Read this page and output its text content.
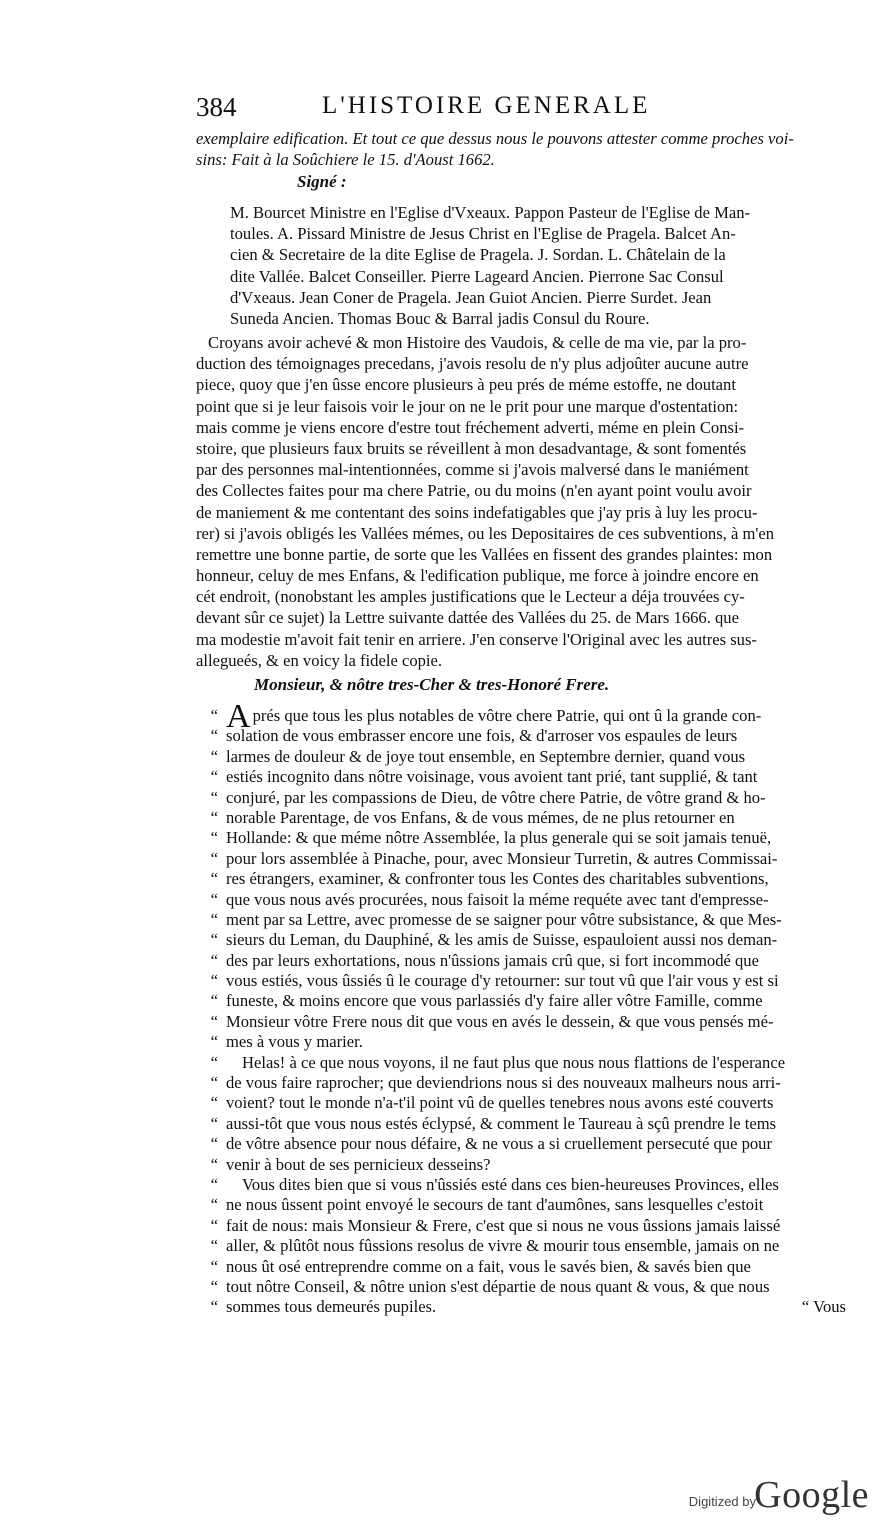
384	L'HISTOIRE GENERALE
exemplaire edification. Et tout ce que dessus nous le pouvons attester comme proches voi-
sins: Fait à la Soûchiere le 15. d'Aoust 1662.
Signé :
M. Bourcet Ministre en l'Eglise d'Vxeaux. Pappon Pasteur de l'Eglise de Man-
toules. A. Pissard Ministre de Jesus Christ en l'Eglise de Pragela. Balcet An-
cien & Secretaire de la dite Eglise de Pragela. J. Sordan. L. Châtelain de la
dite Vallée. Balcet Conseiller. Pierre Lageard Ancien. Pierrone Sac Consul
d'Vxeaus. Jean Coner de Pragela. Jean Guiot Ancien. Pierre Surdet. Jean
Suneda Ancien. Thomas Bouc & Barral jadis Consul du Roure.
Croyans avoir achevé & mon Histoire des Vaudois, & celle de ma vie, par la pro-
duction des témoignages precedans, j'avois resolu de n'y plus adjoûter aucune autre
piece, quoy que j'en ûsse encore plusieurs à peu prés de méme estoffe, ne doutant
point que si je leur faisois voir le jour on ne le prit pour une marque d'ostentation:
mais comme je viens encore d'estre tout fréchement adverti, méme en plein Consi-
stoire, que plusieurs faux bruits se réveillent à mon desadvantage, & sont fomentés
par des personnes mal-intentionnées, comme si j'avois malversé dans le maniément
des Collectes faites pour ma chere Patrie, ou du moins (n'en ayant point voulu avoir
de maniement & me contentant des soins indefatigables que j'ay pris à luy les procu-
rer) si j'avois obligés les Vallées mémes, ou les Depositaires de ces subventions, à m'en
remettre une bonne partie, de sorte que les Vallées en fissent des grandes plaintes: mon
honneur, celuy de mes Enfans, & l'edification publique, me force à joindre encore en
cét endroit, (nonobstant les amples justifications que le Lecteur a déja trouvées cy-
devant sûr ce sujet) la Lettre suivante dattée des Vallées du 25. de Mars 1666. que
ma modestie m'avoit fait tenir en arriere. J'en conserve l'Original avec les autres sus-
allegueés, & en voicy la fidele copie.
Monsieur, & nôtre tres-Cher & tres-Honoré Frere.
“ Aprés que tous les plus notables de vôtre chere Patrie, qui ont û la grande con-
“ solation de vous embrasser encore une fois, & d'arroser vos espaules de leurs
“ larmes de douleur & de joye tout ensemble, en Septembre dernier, quand vous
“ estiés incognito dans nôtre voisinage, vous avoient tant prié, tant supplié, & tant
“ conjuré, par les compassions de Dieu, de vôtre chere Patrie, de vôtre grand & ho-
“ norable Parentage, de vos Enfans, & de vous mémes, de ne plus retourner en
“ Hollande: & que méme nôtre Assemblée, la plus generale qui se soit jamais tenuë,
“ pour lors assemblée à Pinache, pour, avec Monsieur Turretin, & autres Commissai-
“ res étrangers, examiner, & confronter tous les Contes des charitables subventions,
“ que vous nous avés procurées, nous faisoit la méme requéte avec tant d'empresse-
“ ment par sa Lettre, avec promesse de se saigner pour vôtre subsistance, & que Mes-
“ sieurs du Leman, du Dauphiné, & les amis de Suisse, espauloient aussi nos deman-
“ des par leurs exhortations, nous n'ûssions jamais crû que, si fort incommodé que
“ vous estiés, vous ûssiés û le courage d'y retourner: sur tout vû que l'air vous y est si
“ funeste, & moins encore que vous parlassiés d'y faire aller vôtre Famille, comme
“ Monsieur vôtre Frere nous dit que vous en avés le dessein, & que vous pensés mé-
“ mes à vous y marier.
“	Helas! à ce que nous voyons, il ne faut plus que nous nous flattions de l'esperance
“ de vous faire raprocher; que deviendrions nous si des nouveaux malheurs nous arri-
“ voient? tout le monde n'a-t'il point vû de quelles tenebres nous avons esté couverts
“ aussi-tôt que vous nous estés éclypsé, & comment le Taureau à sçû prendre le tems
“ de vôtre absence pour nous défaire, & ne vous a si cruellement persecuté que pour
“ venir à bout de ses pernicieux desseins?
“	Vous dites bien que si vous n'ûssiés esté dans ces bien-heureuses Provinces, elles
“ ne nous ûssent point envoyé le secours de tant d'aumônes, sans lesquelles c'estoit
“ fait de nous: mais Monsieur & Frere, c'est que si nous ne vous ûssions jamais laissé
“ aller, & plûtôt nous fûssions resolus de vivre & mourir tous ensemble, jamais on ne
“ nous ût osé entreprendre comme on a fait, vous le savés bien, & savés bien que
“ tout nôtre Conseil, & nôtre union s'est départie de nous quant & vous, & que nous
“ sommes tous demeurés pupiles.	“ Vous
Digitized by
Google
